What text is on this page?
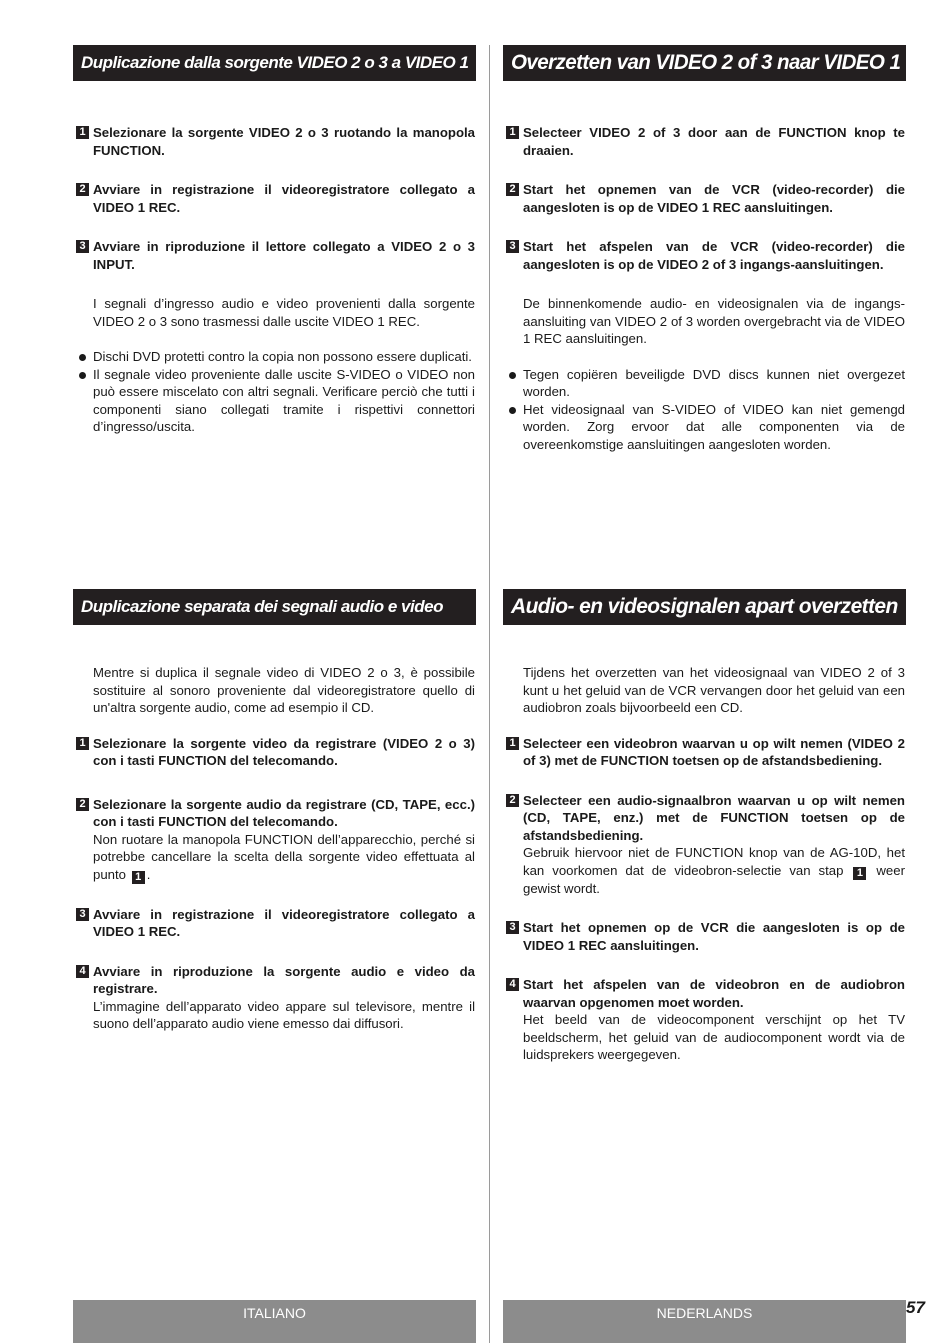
Duplicazione dalla sorgente VIDEO 2 o 3 a VIDEO 1

1 Selezionare la sorgente VIDEO 2 o 3 ruotando la manopola FUNCTION.

2 Avviare in registrazione il videoregistratore collegato a VIDEO 1 REC.

3 Avviare in riproduzione il lettore collegato a VIDEO 2 o 3 INPUT.

I segnali d’ingresso audio e video provenienti dalla sorgente VIDEO 2 o 3 sono trasmessi dalle uscite VIDEO 1 REC.

Dischi DVD protetti contro la copia non possono essere duplicati.

Il segnale video proveniente dalle uscite S-VIDEO o VIDEO non può essere miscelato con altri segnali. Verificare perciò che tutti i componenti siano collegati tramite i rispettivi connettori d’ingresso/uscita.

Duplicazione separata dei segnali audio e video

Mentre si duplica il segnale video di VIDEO 2 o 3, è possibile sostituire al sonoro proveniente dal videoregistratore quello di un'altra sorgente audio, come ad esempio il CD.

1 Selezionare la sorgente video da registrare (VIDEO 2 o 3) con i tasti FUNCTION del telecomando.

2 Selezionare la sorgente audio da registrare (CD, TAPE, ecc.) con i tasti FUNCTION del telecomando.

Non ruotare la manopola FUNCTION dell’apparecchio, perché si potrebbe cancellare la scelta della sorgente video effettuata al punto 1 .

3 Avviare in registrazione il videoregistratore collegato a VIDEO 1 REC.

4 Avviare in riproduzione la sorgente audio e video da registrare.

L’immagine dell’apparato video appare sul televisore, mentre il suono dell’apparato audio viene emesso dai diffusori.

ITALIANO
Overzetten van VIDEO 2 of 3 naar VIDEO 1

1 Selecteer VIDEO 2 of 3 door aan de FUNCTION knop te draaien.

2 Start het opnemen van de VCR (video-recorder) die aangesloten is op de VIDEO 1 REC aansluitingen.

3 Start het afspelen van de VCR (video-recorder) die aangesloten is op de VIDEO 2 of 3 ingangs-aansluitingen.

De binnenkomende audio- en videosignalen via de ingangs-aansluiting van VIDEO 2 of 3 worden overgebracht via de VIDEO 1 REC aansluitingen.

Tegen copiëren beveiligde DVD discs kunnen niet overgezet worden.

Het videosignaal van S-VIDEO of VIDEO kan niet gemengd worden. Zorg ervoor dat alle componenten via de overeenkomstige aansluitingen aangesloten worden.

Audio- en videosignalen apart overzetten

Tijdens het overzetten van het videosignaal van VIDEO 2 of 3 kunt u het geluid van de VCR vervangen door het geluid van een audiobron zoals bijvoorbeeld een CD.

1 Selecteer een videobron waarvan u op wilt nemen (VIDEO 2 of 3) met de FUNCTION toetsen op de afstandsbediening.

2 Selecteer een audio-signaalbron waarvan u op wilt nemen (CD, TAPE, enz.) met de FUNCTION toetsen op de afstandsbediening.

Gebruik hiervoor niet de FUNCTION knop van de AG-10D, het kan voorkomen dat de videobron-selectie van stap 1 weer gewist wordt.

3 Start het opnemen op de VCR die aangesloten is op de VIDEO 1 REC aansluitingen.

4 Start het afspelen van de videobron en de audiobron waarvan opgenomen moet worden.

Het beeld van de videocomponent verschijnt op het TV beeldscherm, het geluid van de audiocomponent wordt via de luidsprekers weergegeven.

NEDERLANDS	57
